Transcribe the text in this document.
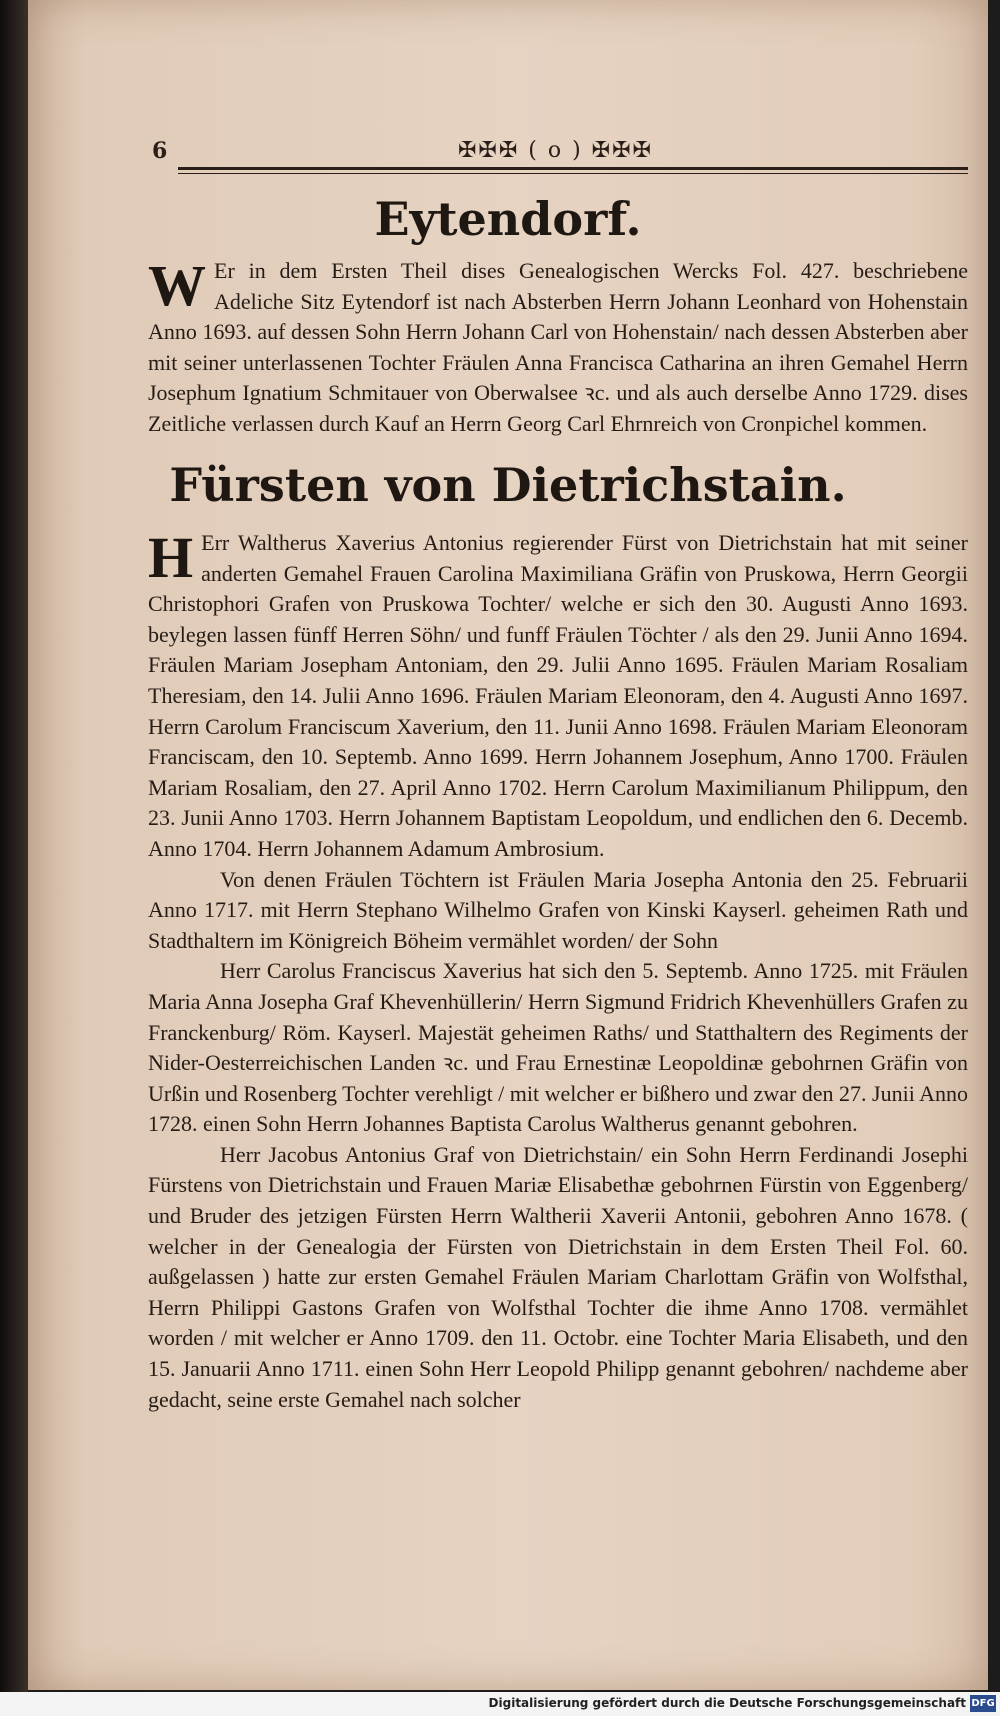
6	✠✠✠ ( o ) ✠✠✠
Eytendorf.

W Er in dem Ersten Theil dises Genealogischen Wercks Fol. 427. beschriebene Adeliche Sitz Eytendorf ist nach Absterben Herrn Johann Leonhard von Hohenstain Anno 1693. auf dessen Sohn Herrn Johann Carl von Hohenstain/ nach dessen Absterben aber mit seiner unterlassenen Tochter Fräulen Anna Francisca Catharina an ihren Gemahel Herrn Josephum Ignatium Schmitauer von Oberwalsee ꝛc. und als auch derselbe Anno 1729. dises Zeitliche verlassen durch Kauf an Herrn Georg Carl Ehrnreich von Cronpichel kommen.

Fürsten von Dietrichstain.

H Err Waltherus Xaverius Antonius regierender Fürst von Dietrichstain hat mit seiner anderten Gemahel Frauen Carolina Maximiliana Gräfin von Pruskowa, Herrn Georgii Christophori Grafen von Pruskowa Tochter/ welche er sich den 30. Augusti Anno 1693. beylegen lassen fünff Herren Söhn/ und funff Fräulen Töchter / als den 29. Junii Anno 1694. Fräulen Mariam Josepham Antoniam, den 29. Julii Anno 1695. Fräulen Mariam Rosaliam Theresiam, den 14. Julii Anno 1696. Fräulen Mariam Eleonoram, den 4. Augusti Anno 1697. Herrn Carolum Franciscum Xaverium, den 11. Junii Anno 1698. Fräulen Mariam Eleonoram Franciscam, den 10. Septemb. Anno 1699. Herrn Johannem Josephum, Anno 1700. Fräulen Mariam Rosaliam, den 27. April Anno 1702. Herrn Carolum Maximilianum Philippum, den 23. Junii Anno 1703. Herrn Johannem Baptistam Leopoldum, und endlichen den 6. Decemb. Anno 1704. Herrn Johannem Adamum Ambrosium.

Von denen Fräulen Töchtern ist Fräulen Maria Josepha Antonia den 25. Februarii Anno 1717. mit Herrn Stephano Wilhelmo Grafen von Kinski Kayserl. geheimen Rath und Stadthaltern im Königreich Böheim vermählet worden/ der Sohn

Herr Carolus Franciscus Xaverius hat sich den 5. Septemb. Anno 1725. mit Fräulen Maria Anna Josepha Graf Khevenhüllerin/ Herrn Sigmund Fridrich Khevenhüllers Grafen zu Franckenburg/ Röm. Kayserl. Majestät geheimen Raths/ und Statthaltern des Regiments der Nider-Oesterreichischen Landen ꝛc. und Frau Ernestinæ Leopoldinæ gebohrnen Gräfin von Urßin und Rosenberg Tochter verehligt / mit welcher er bißhero und zwar den 27. Junii Anno 1728. einen Sohn Herrn Johannes Baptista Carolus Waltherus genannt gebohren.

Herr Jacobus Antonius Graf von Dietrichstain/ ein Sohn Herrn Ferdinandi Josephi Fürstens von Dietrichstain und Frauen Mariæ Elisabethæ gebohrnen Fürstin von Eggenberg/ und Bruder des jetzigen Fürsten Herrn Waltherii Xaverii Antonii, gebohren Anno 1678. ( welcher in der Genealogia der Fürsten von Dietrichstain in dem Ersten Theil Fol. 60. außgelassen ) hatte zur ersten Gemahel Fräulen Mariam Charlottam Gräfin von Wolfsthal, Herrn Philippi Gastons Grafen von Wolfsthal Tochter die ihme Anno 1708. vermählet worden / mit welcher er Anno 1709. den 11. Octobr. eine Tochter Maria Elisabeth, und den 15. Januarii Anno 1711. einen Sohn Herr Leopold Philipp genannt gebohren/ nachdeme aber gedacht, seine erste Gemahel nach solcher

Digitalisierung gefördert durch die Deutsche Forschungsgemeinschaft DFG
